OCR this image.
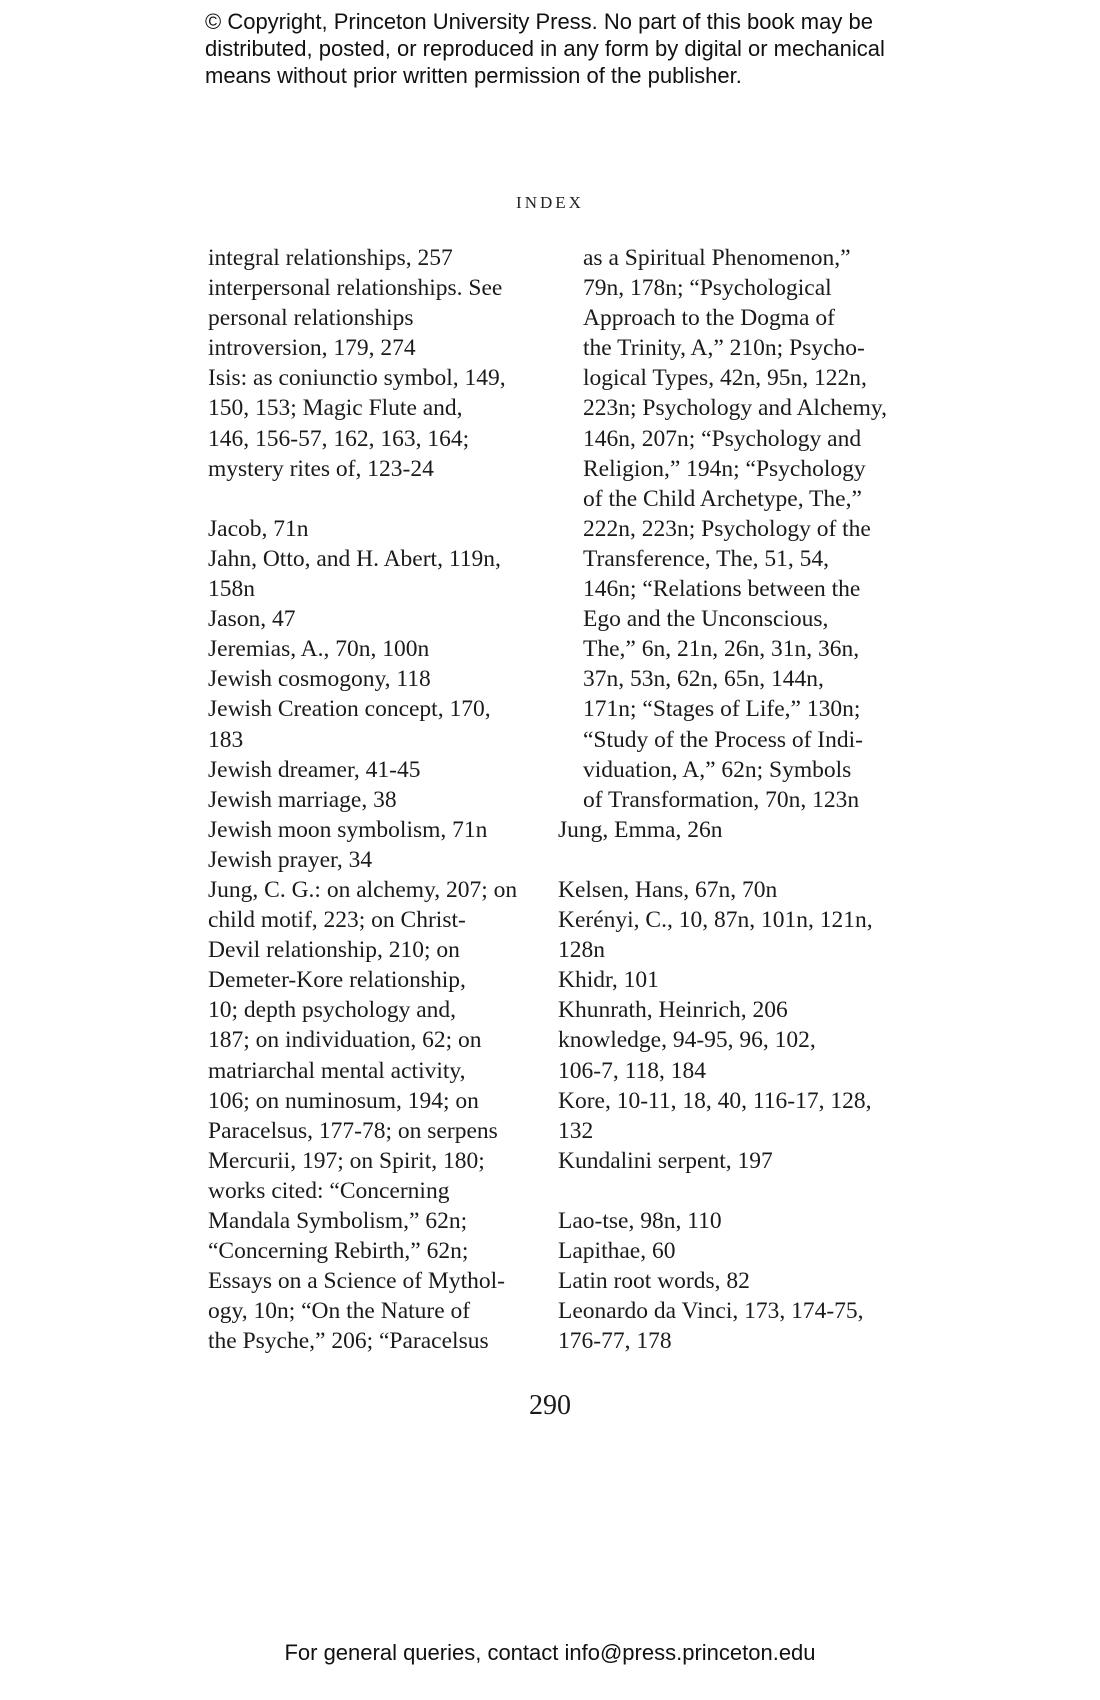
© Copyright, Princeton University Press. No part of this book may be
distributed, posted, or reproduced in any form by digital or mechanical
means without prior written permission of the publisher.
INDEX
integral relationships, 257
interpersonal relationships. See
personal relationships
introversion, 179, 274
Isis: as coniunctio symbol, 149,
150, 153; Magic Flute and,
146, 156-57, 162, 163, 164;
mystery rites of, 123-24
Jacob, 71n
Jahn, Otto, and H. Abert, 119n,
158n
Jason, 47
Jeremias, A., 70n, 100n
Jewish cosmogony, 118
Jewish Creation concept, 170,
183
Jewish dreamer, 41-45
Jewish marriage, 38
Jewish moon symbolism, 71n
Jewish prayer, 34
Jung, C. G.: on alchemy, 207; on
child motif, 223; on Christ-
Devil relationship, 210; on
Demeter-Kore relationship,
10; depth psychology and,
187; on individuation, 62; on
matriarchal mental activity,
106; on numinosum, 194; on
Paracelsus, 177-78; on serpens
Mercurii, 197; on Spirit, 180;
works cited: “Concerning
Mandala Symbolism,” 62n;
“Concerning Rebirth,” 62n;
Essays on a Science of Mythol-
ogy, 10n; “On the Nature of
the Psyche,” 206; “Paracelsus
as a Spiritual Phenomenon,”
79n, 178n; “Psychological
Approach to the Dogma of
the Trinity, A,” 210n; Psycho-
logical Types, 42n, 95n, 122n,
223n; Psychology and Alchemy,
146n, 207n; “Psychology and
Religion,” 194n; “Psychology
of the Child Archetype, The,”
222n, 223n; Psychology of the
Transference, The, 51, 54,
146n; “Relations between the
Ego and the Unconscious,
The,” 6n, 21n, 26n, 31n, 36n,
37n, 53n, 62n, 65n, 144n,
171n; “Stages of Life,” 130n;
“Study of the Process of Indi-
viduation, A,” 62n; Symbols
of Transformation, 70n, 123n
Jung, Emma, 26n
Kelsen, Hans, 67n, 70n
Kerényi, C., 10, 87n, 101n, 121n,
128n
Khidr, 101
Khunrath, Heinrich, 206
knowledge, 94-95, 96, 102,
106-7, 118, 184
Kore, 10-11, 18, 40, 116-17, 128,
132
Kundalini serpent, 197
Lao-tse, 98n, 110
Lapithae, 60
Latin root words, 82
Leonardo da Vinci, 173, 174-75,
176-77, 178
290
For general queries, contact info@press.princeton.edu
